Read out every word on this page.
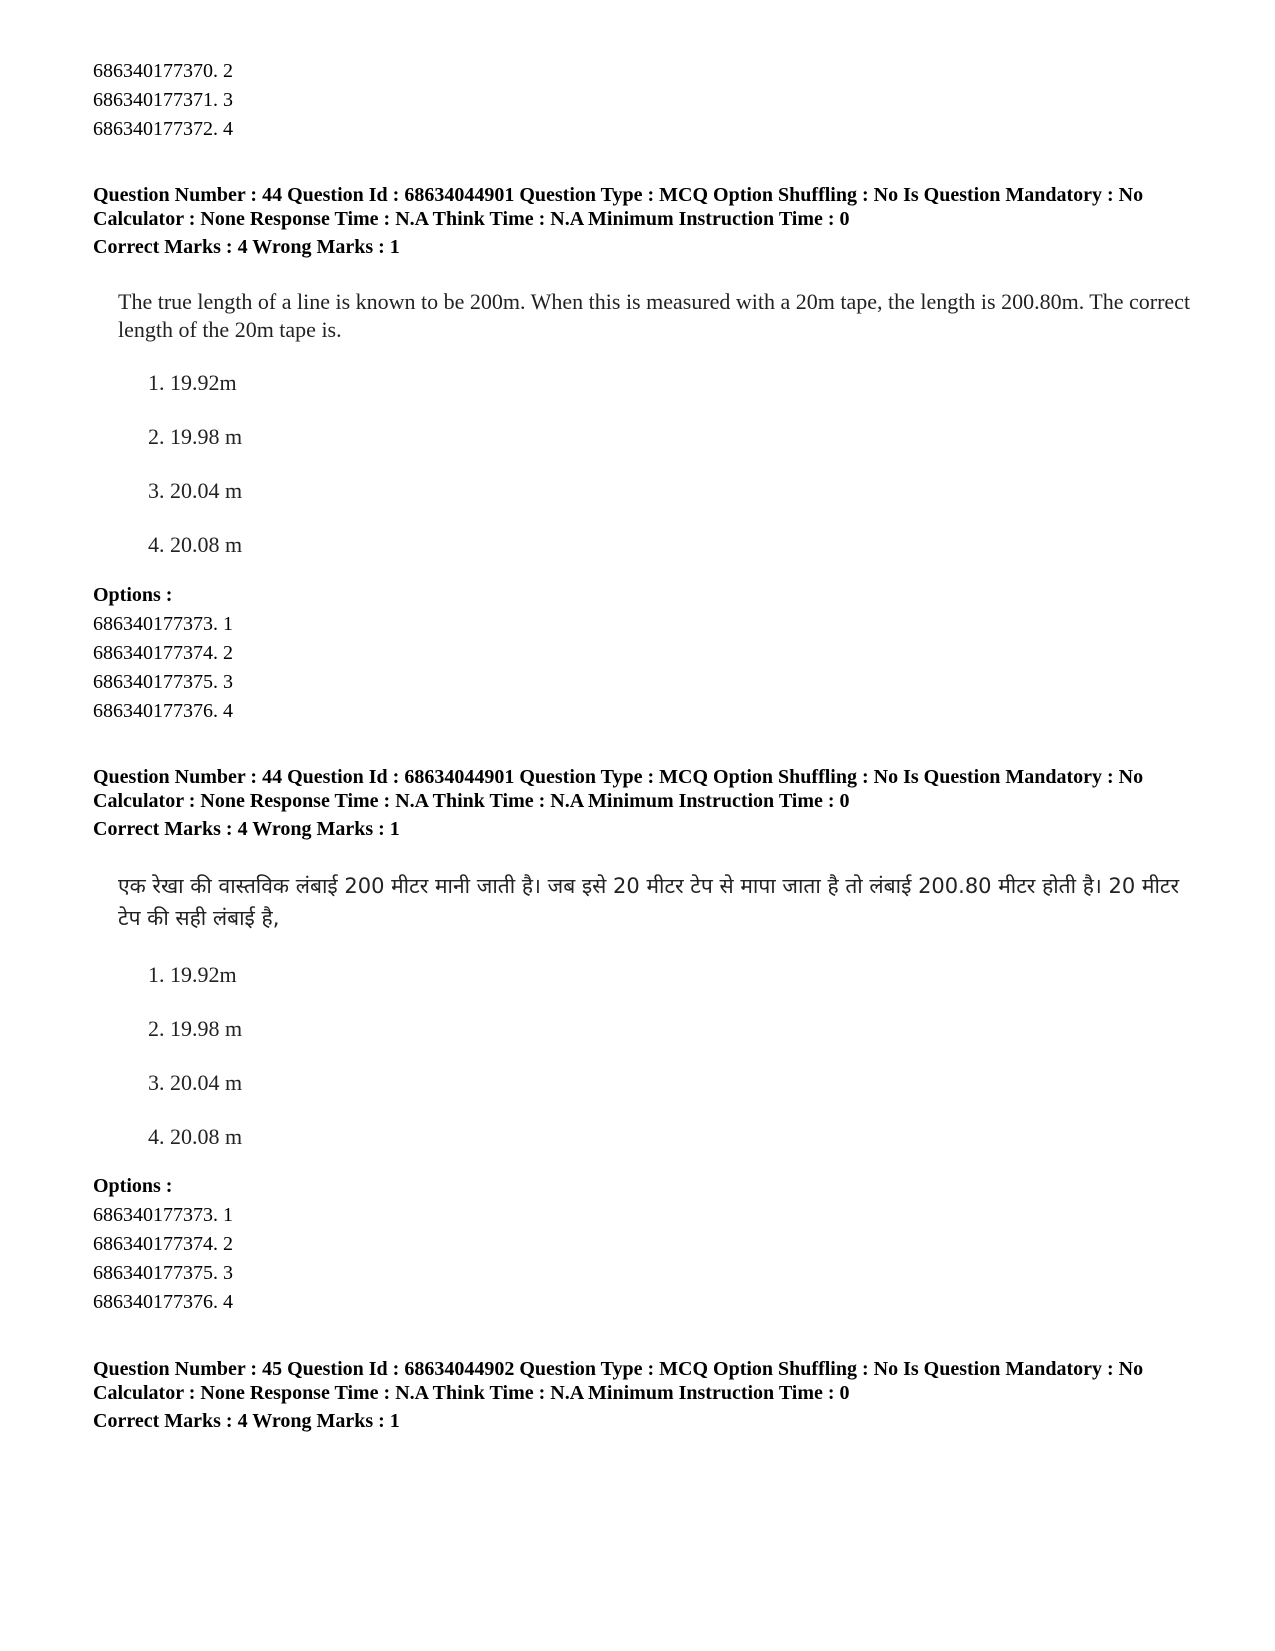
686340177370. 2
686340177371. 3
686340177372. 4
Question Number : 44 Question Id : 68634044901 Question Type : MCQ Option Shuffling : No Is Question Mandatory : No Calculator : None Response Time : N.A Think Time : N.A Minimum Instruction Time : 0
Correct Marks : 4 Wrong Marks : 1
The true length of a line is known to be 200m. When this is measured with a 20m tape, the length is 200.80m. The correct length of the 20m tape is.
1. 19.92m
2. 19.98 m
3. 20.04 m
4. 20.08 m
Options :
686340177373. 1
686340177374. 2
686340177375. 3
686340177376. 4
Question Number : 44 Question Id : 68634044901 Question Type : MCQ Option Shuffling : No Is Question Mandatory : No Calculator : None Response Time : N.A Think Time : N.A Minimum Instruction Time : 0
Correct Marks : 4 Wrong Marks : 1
एक रेखा की वास्तविक लंबाई 200 मीटर मानी जाती है। जब इसे 20 मीटर टेप से मापा जाता है तो लंबाई 200.80 मीटर होती है। 20 मीटर टेप की सही लंबाई है,
1. 19.92m
2. 19.98 m
3. 20.04 m
4. 20.08 m
Options :
686340177373. 1
686340177374. 2
686340177375. 3
686340177376. 4
Question Number : 45 Question Id : 68634044902 Question Type : MCQ Option Shuffling : No Is Question Mandatory : No Calculator : None Response Time : N.A Think Time : N.A Minimum Instruction Time : 0
Correct Marks : 4 Wrong Marks : 1
